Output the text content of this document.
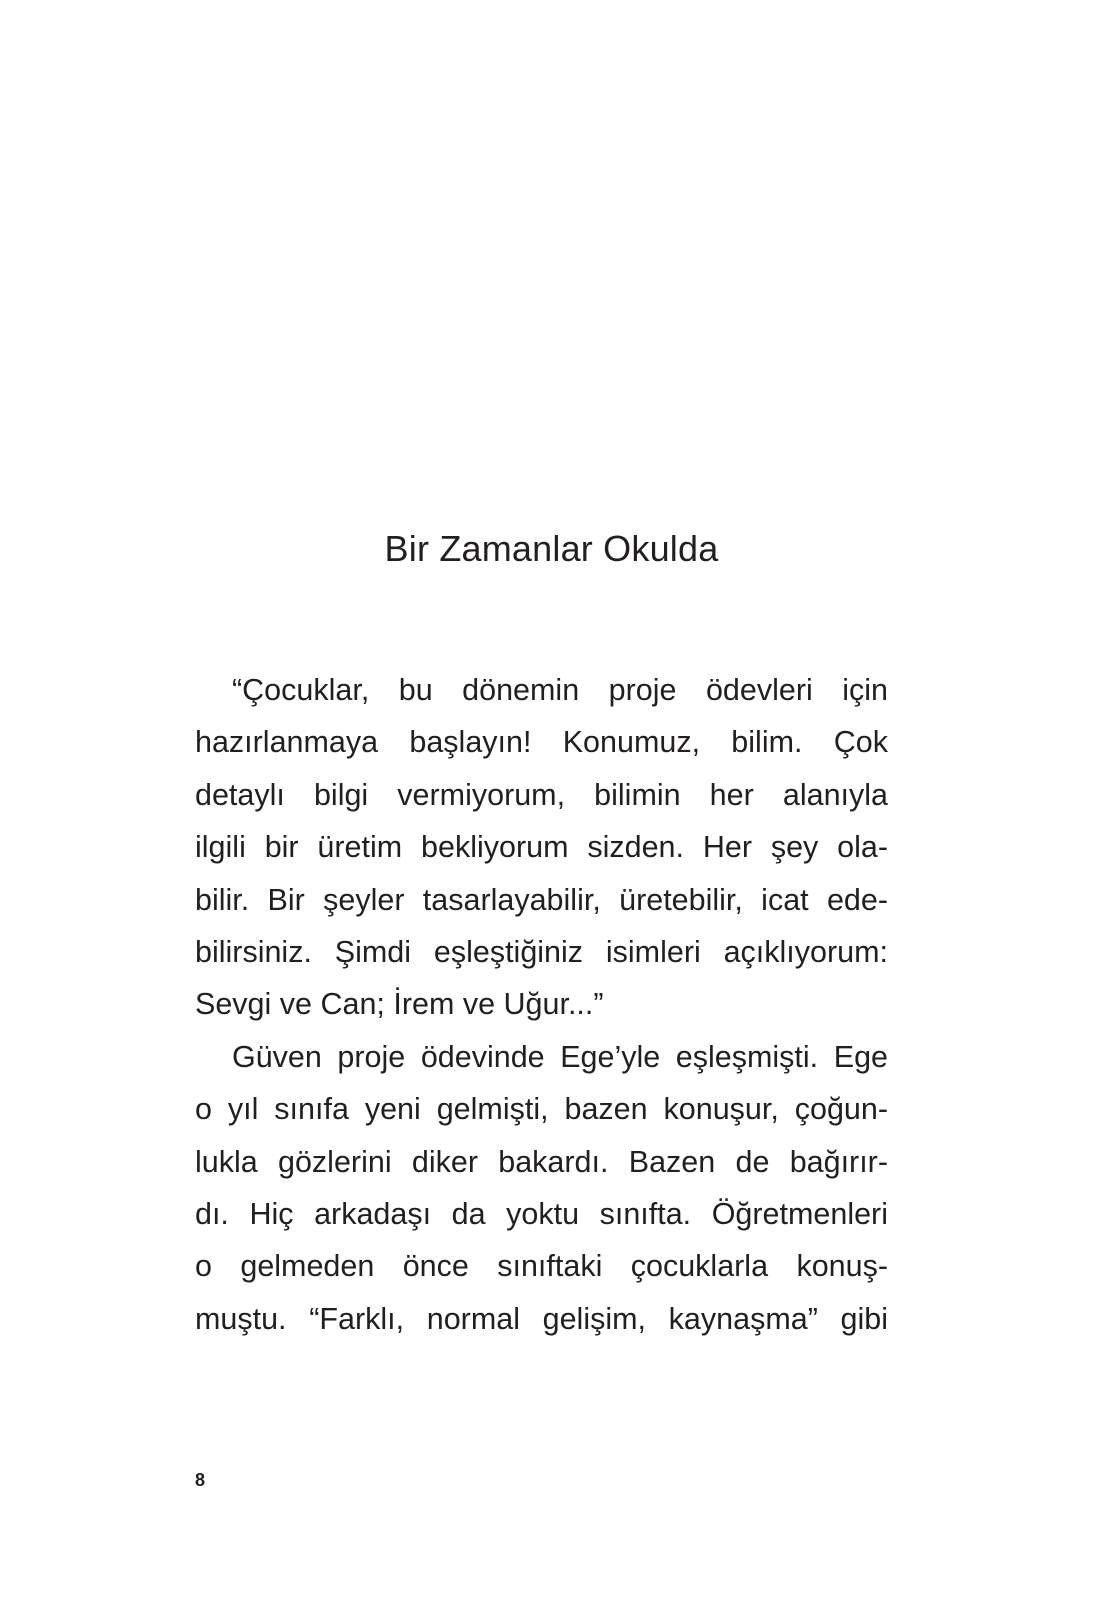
Bir Zamanlar Okulda
“Çocuklar, bu dönemin proje ödevleri için
hazırlanmaya başlayın! Konumuz, bilim. Çok
detaylı bilgi vermiyorum, bilimin her alanıyla
ilgili bir üretim bekliyorum sizden. Her şey ola-
bilir. Bir şeyler tasarlayabilir, üretebilir, icat ede-
bilirsiniz. Şimdi eşleştiğiniz isimleri açıklıyorum:
Sevgi ve Can; İrem ve Uğur...”
Güven proje ödevinde Ege’yle eşleşmişti. Ege
o yıl sınıfa yeni gelmişti, bazen konuşur, çoğun-
lukla gözlerini diker bakardı. Bazen de bağırır-
dı. Hiç arkadaşı da yoktu sınıfta. Öğretmenleri
o gelmeden önce sınıftaki çocuklarla konuş-
muştu. “Farklı, normal gelişim, kaynaşma” gibi
8
